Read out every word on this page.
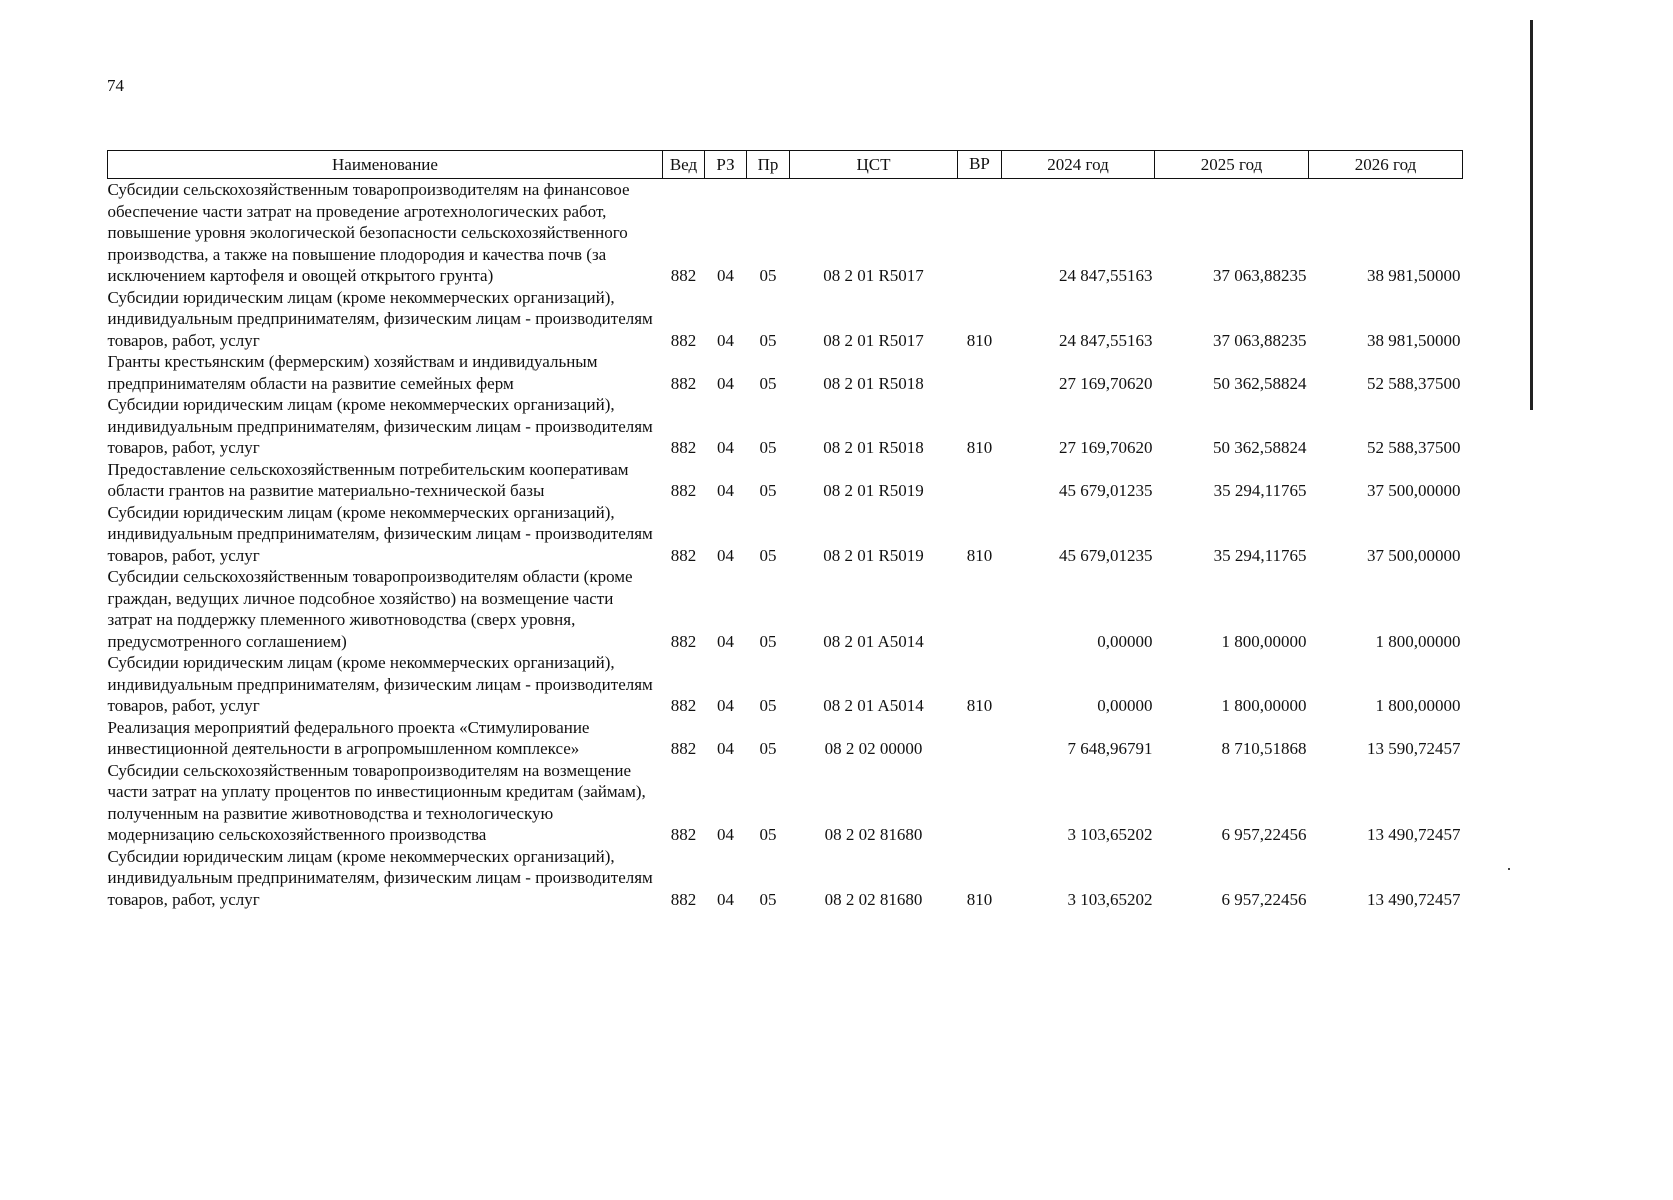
74
Наименование	Вед	РЗ	Пр	ЦСТ	ВР	2024 год	2025 год	2026 год
Субсидии сельскохозяйственным товаропроизводителям на финансовое обеспечение части затрат на проведение агротехнологических работ, повышение уровня экологической безопасности сельскохозяйственного производства, а также на повышение плодородия и качества почв (за исключением картофеля и овощей открытого грунта)	882	04	05	08 2 01 R5017		24 847,55163	37 063,88235	38 981,50000
Субсидии юридическим лицам (кроме некоммерческих организаций), индивидуальным предпринимателям, физическим лицам - производителям товаров, работ, услуг	882	04	05	08 2 01 R5017	810	24 847,55163	37 063,88235	38 981,50000
Гранты крестьянским (фермерским) хозяйствам и индивидуальным предпринимателям области на развитие семейных ферм	882	04	05	08 2 01 R5018		27 169,70620	50 362,58824	52 588,37500
Субсидии юридическим лицам (кроме некоммерческих организаций), индивидуальным предпринимателям, физическим лицам - производителям товаров, работ, услуг	882	04	05	08 2 01 R5018	810	27 169,70620	50 362,58824	52 588,37500
Предоставление сельскохозяйственным потребительским кооперативам области грантов на развитие материально-технической базы	882	04	05	08 2 01 R5019		45 679,01235	35 294,11765	37 500,00000
Субсидии юридическим лицам (кроме некоммерческих организаций), индивидуальным предпринимателям, физическим лицам - производителям товаров, работ, услуг	882	04	05	08 2 01 R5019	810	45 679,01235	35 294,11765	37 500,00000
Субсидии сельскохозяйственным товаропроизводителям области (кроме граждан, ведущих личное подсобное хозяйство) на возмещение части затрат на поддержку племенного животноводства (сверх уровня, предусмотренного соглашением)	882	04	05	08 2 01 A5014		0,00000	1 800,00000	1 800,00000
Субсидии юридическим лицам (кроме некоммерческих организаций), индивидуальным предпринимателям, физическим лицам - производителям товаров, работ, услуг	882	04	05	08 2 01 A5014	810	0,00000	1 800,00000	1 800,00000
Реализация мероприятий федерального проекта «Стимулирование инвестиционной деятельности в агропромышленном комплексе»	882	04	05	08 2 02 00000		7 648,96791	8 710,51868	13 590,72457
Субсидии сельскохозяйственным товаропроизводителям на возмещение части затрат на уплату процентов по инвестиционным кредитам (займам), полученным на развитие животноводства и технологическую модернизацию сельскохозяйственного производства	882	04	05	08 2 02 81680		3 103,65202	6 957,22456	13 490,72457
Субсидии юридическим лицам (кроме некоммерческих организаций), индивидуальным предпринимателям, физическим лицам - производителям товаров, работ, услуг	882	04	05	08 2 02 81680	810	3 103,65202	6 957,22456	13 490,72457
